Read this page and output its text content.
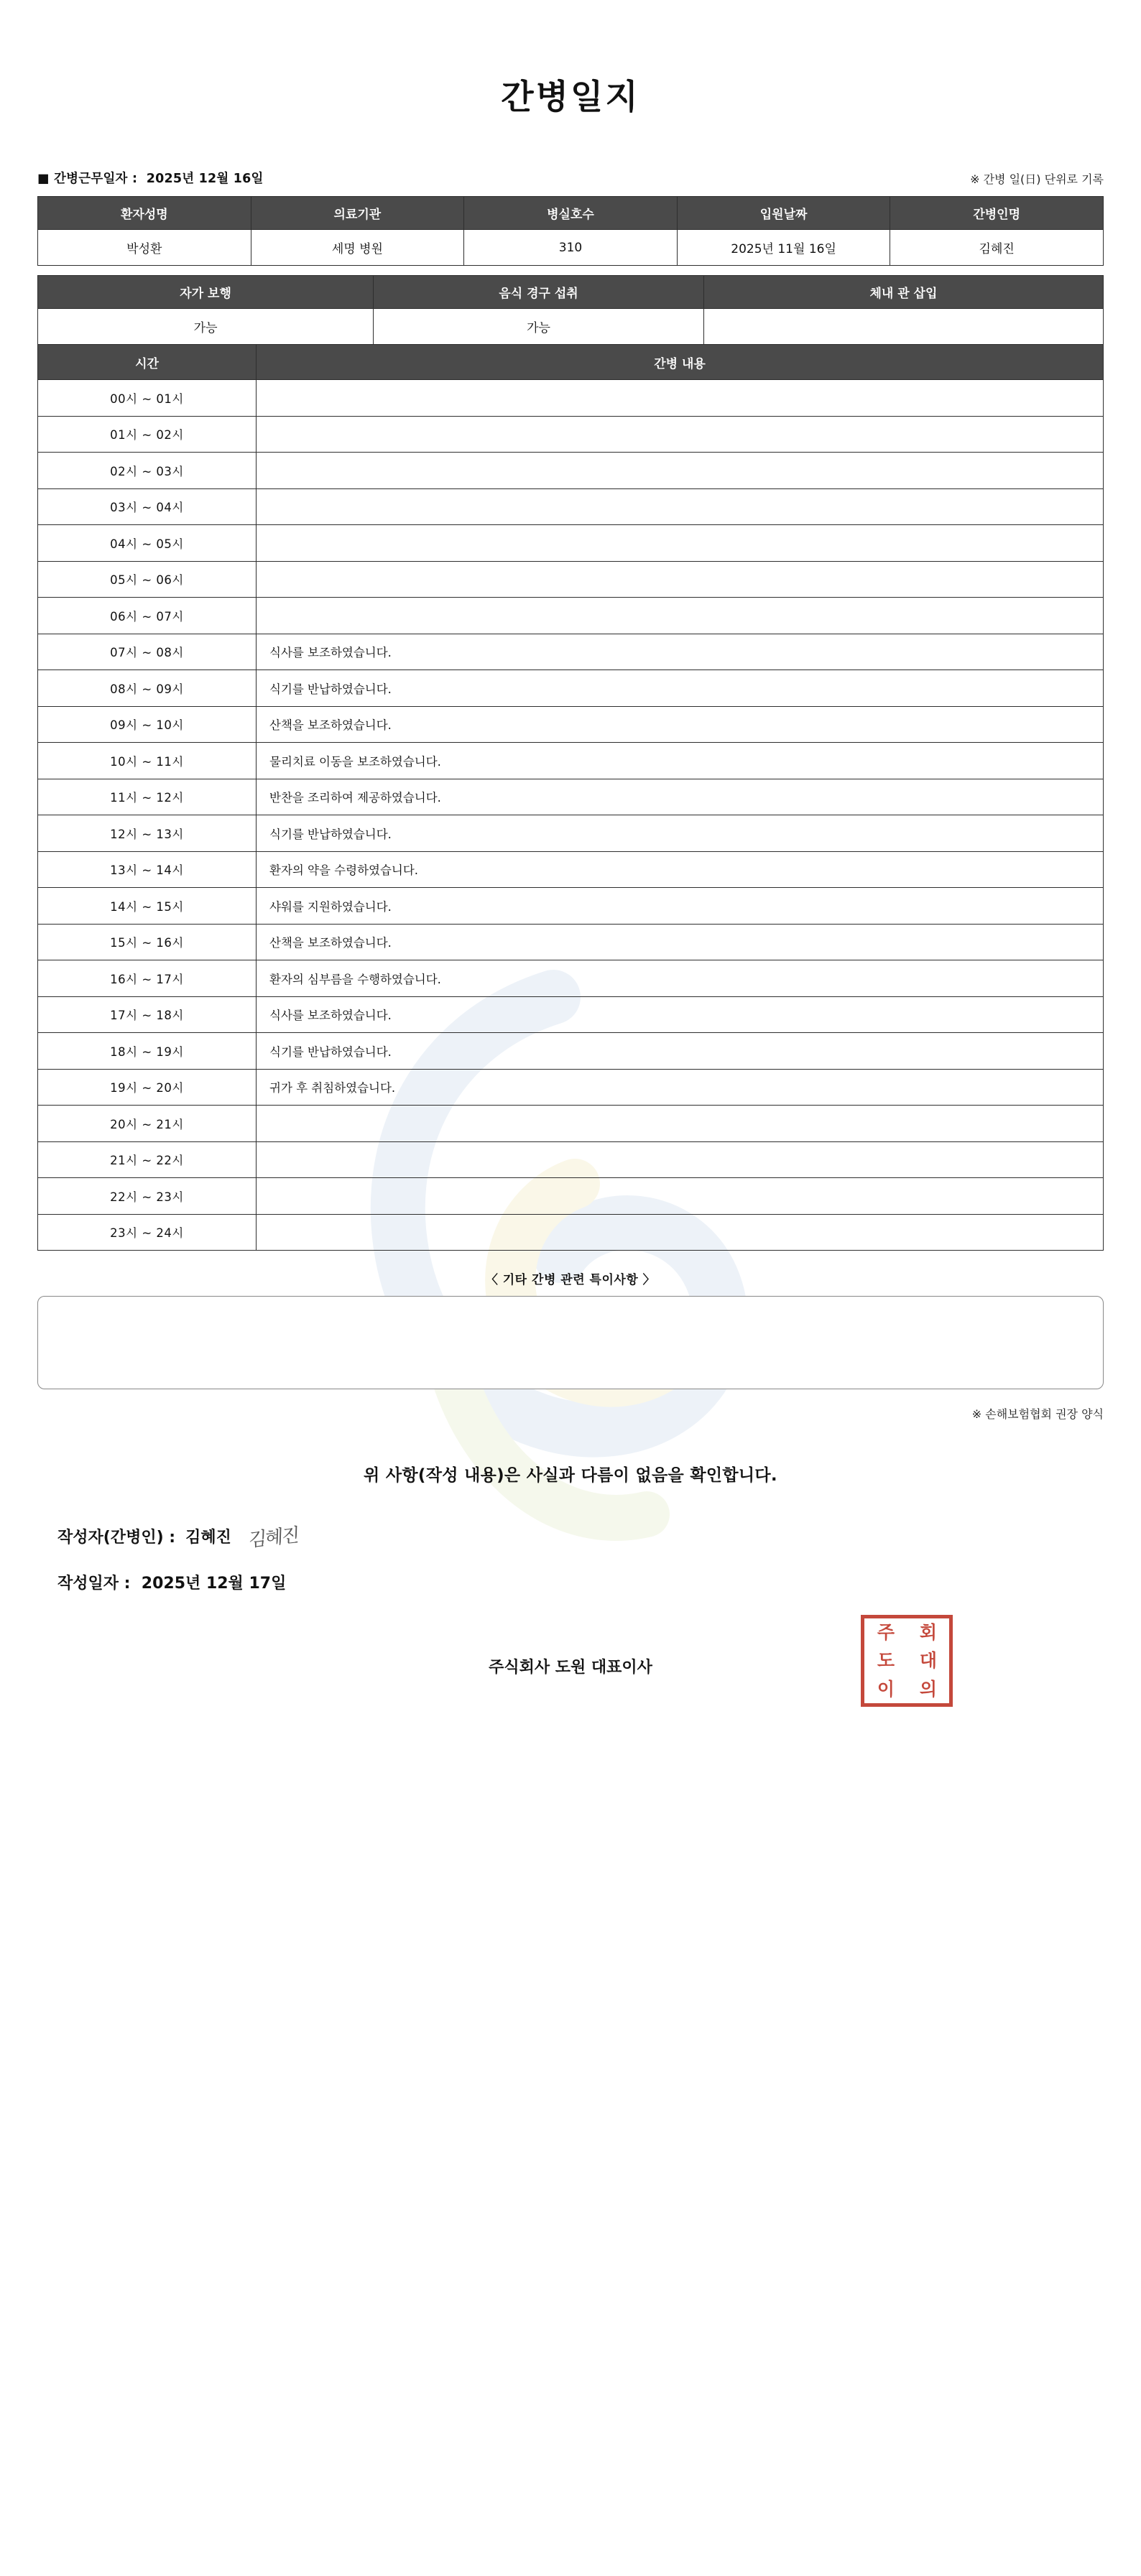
간병일지
■ 간병근무일자 : 2025년 12월 16일	※ 간병 일(日) 단위로 기록
환자성명	의료기관	병실호수	입원날짜	간병인명
박성환	세명 병원	310	2025년 11월 16일	김혜진
자가 보행	음식 경구 섭취	체내 관 삽입
가능	가능	
시간	간병 내용
00시 ~ 01시	
01시 ~ 02시	
02시 ~ 03시	
03시 ~ 04시	
04시 ~ 05시	
05시 ~ 06시	
06시 ~ 07시	
07시 ~ 08시	식사를 보조하였습니다.
08시 ~ 09시	식기를 반납하였습니다.
09시 ~ 10시	산책을 보조하였습니다.
10시 ~ 11시	물리치료 이동을 보조하였습니다.
11시 ~ 12시	반찬을 조리하여 제공하였습니다.
12시 ~ 13시	식기를 반납하였습니다.
13시 ~ 14시	환자의 약을 수령하였습니다.
14시 ~ 15시	샤워를 지원하였습니다.
15시 ~ 16시	산책을 보조하였습니다.
16시 ~ 17시	환자의 심부름을 수행하였습니다.
17시 ~ 18시	식사를 보조하였습니다.
18시 ~ 19시	식기를 반납하였습니다.
19시 ~ 20시	귀가 후 취침하였습니다.
20시 ~ 21시	
21시 ~ 22시	
22시 ~ 23시	
23시 ~ 24시	
〈 기타 간병 관련 특이사항 〉
※ 손해보험협회 권장 양식
위 사항(작성 내용)은 사실과 다름이 없음을 확인합니다.
작성자(간병인) : 김혜진 김혜진
작성일자 : 2025년 12월 17일
주식회사 도원 대표이사
주 회
도 대
이 의
